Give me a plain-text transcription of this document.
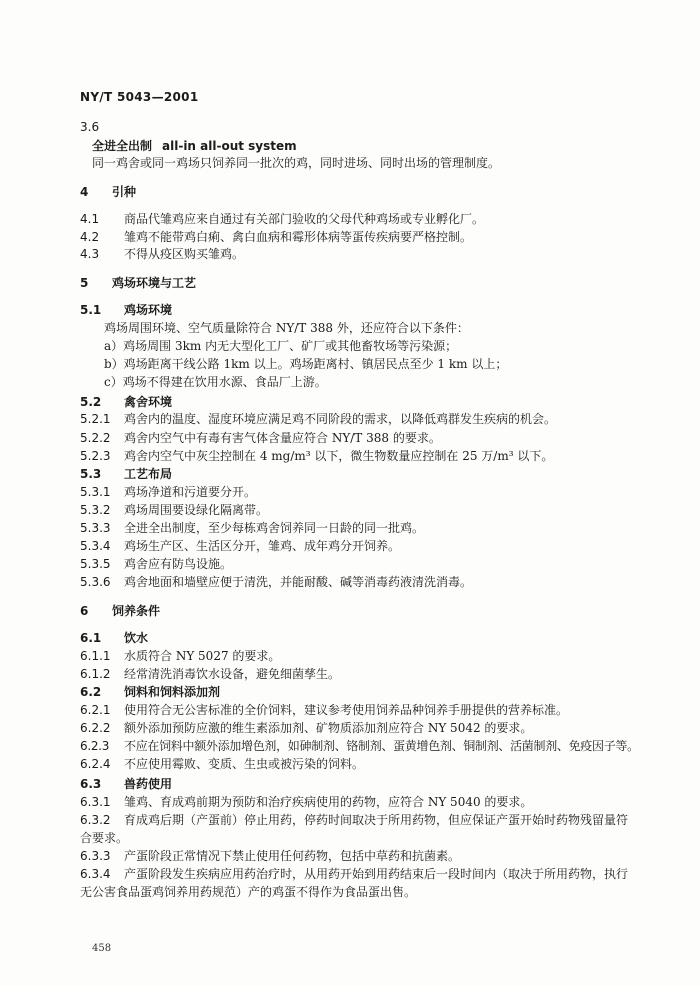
NY/T 5043—2001
3.6
全进全出制 all-in all-out system
同一鸡舍或同一鸡场只饲养同一批次的鸡，同时进场、同时出场的管理制度。
4 引种
4.1 商品代雏鸡应来自通过有关部门验收的父母代种鸡场或专业孵化厂。
4.2 雏鸡不能带鸡白痢、禽白血病和霉形体病等蛋传疾病要严格控制。
4.3 不得从疫区购买雏鸡。
5 鸡场环境与工艺
5.1 鸡场环境
鸡场周围环境、空气质量除符合 NY/T 388 外，还应符合以下条件：
a）鸡场周围 3km 内无大型化工厂、矿厂或其他畜牧场等污染源；
b）鸡场距离干线公路 1km 以上。鸡场距离村、镇居民点至少 1 km 以上；
c）鸡场不得建在饮用水源、食品厂上游。
5.2 禽舍环境
5.2.1 鸡舍内的温度、湿度环境应满足鸡不同阶段的需求，以降低鸡群发生疾病的机会。
5.2.2 鸡舍内空气中有毒有害气体含量应符合 NY/T 388 的要求。
5.2.3 鸡舍内空气中灰尘控制在 4 mg/m³ 以下，微生物数量应控制在 25 万/m³ 以下。
5.3 工艺布局
5.3.1 鸡场净道和污道要分开。
5.3.2 鸡场周围要设绿化隔离带。
5.3.3 全进全出制度，至少每栋鸡舍饲养同一日龄的同一批鸡。
5.3.4 鸡场生产区、生活区分开，雏鸡、成年鸡分开饲养。
5.3.5 鸡舍应有防鸟设施。
5.3.6 鸡舍地面和墙壁应便于清洗，并能耐酸、碱等消毒药液清洗消毒。
6 饲养条件
6.1 饮水
6.1.1 水质符合 NY 5027 的要求。
6.1.2 经常清洗消毒饮水设备，避免细菌孳生。
6.2 饲料和饲料添加剂
6.2.1 使用符合无公害标准的全价饲料，建议参考使用饲养品种饲养手册提供的营养标准。
6.2.2 额外添加预防应激的维生素添加剂、矿物质添加剂应符合 NY 5042 的要求。
6.2.3 不应在饲料中额外添加增色剂，如砷制剂、铬制剂、蛋黄增色剂、铜制剂、活菌制剂、免疫因子等。
6.2.4 不应使用霉败、变质、生虫或被污染的饲料。
6.3 兽药使用
6.3.1 雏鸡、育成鸡前期为预防和治疗疾病使用的药物，应符合 NY 5040 的要求。
6.3.2 育成鸡后期（产蛋前）停止用药，停药时间取决于所用药物，但应保证产蛋开始时药物残留量符
合要求。
6.3.3 产蛋阶段正常情况下禁止使用任何药物，包括中草药和抗菌素。
6.3.4 产蛋阶段发生疾病应用药治疗时，从用药开始到用药结束后一段时间内（取决于所用药物，执行
无公害食品蛋鸡饲养用药规范）产的鸡蛋不得作为食品蛋出售。
458
